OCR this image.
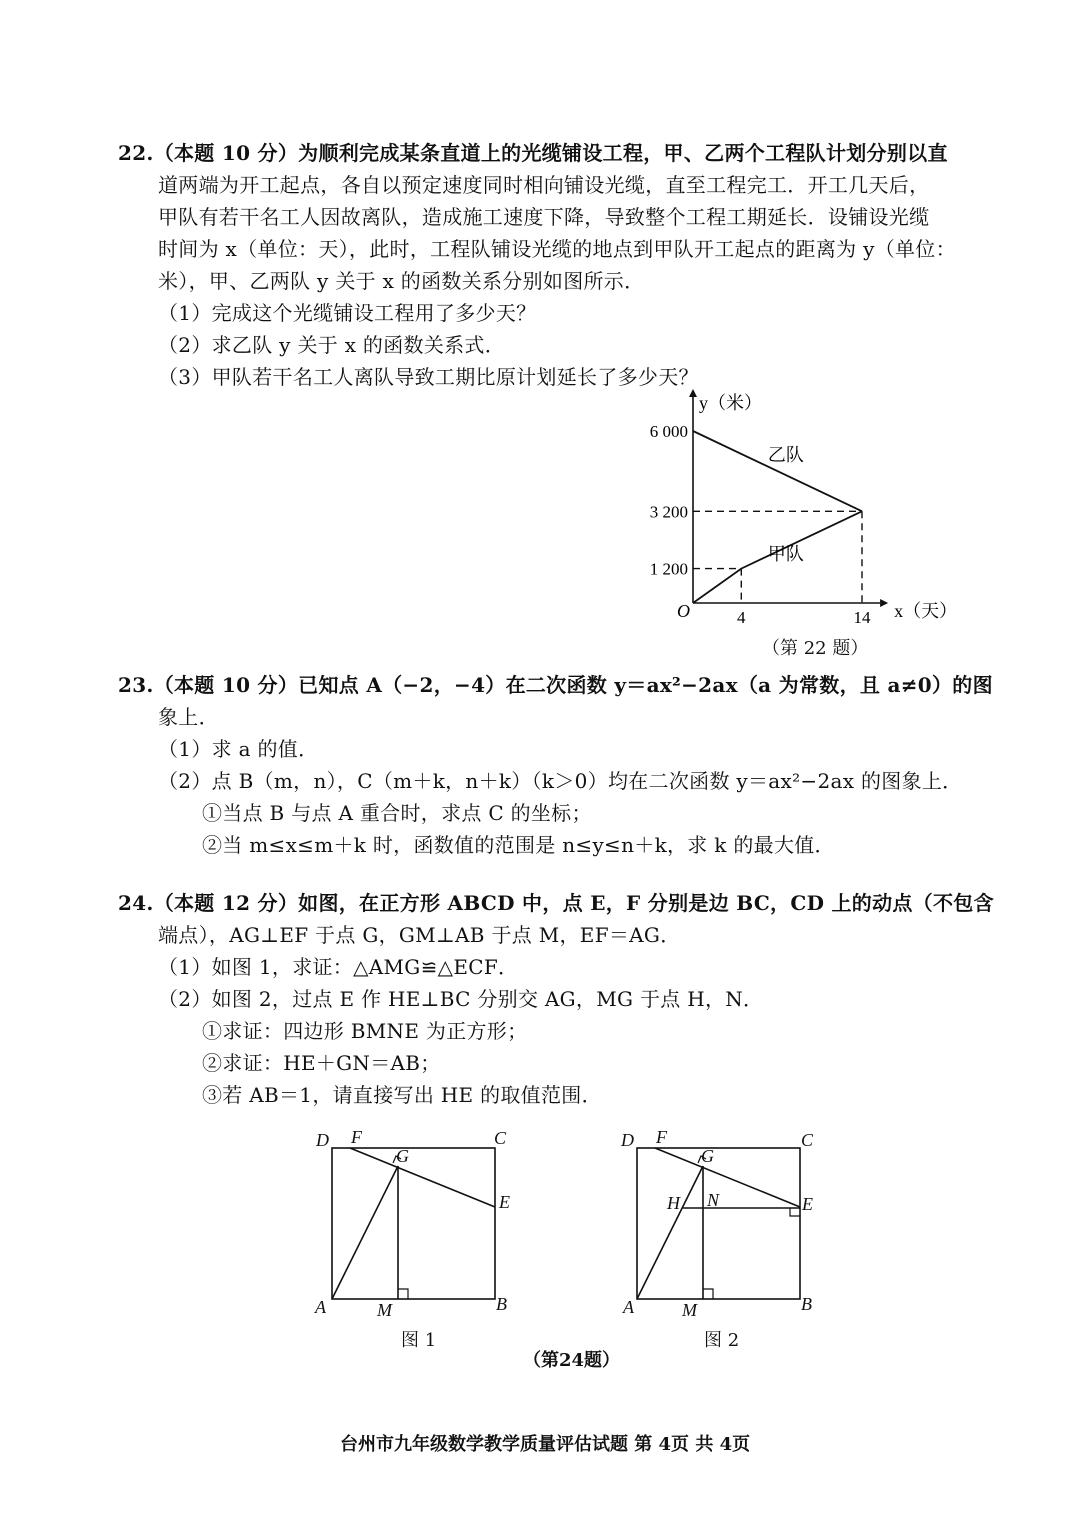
22.（本题 10 分）为顺利完成某条直道上的光缆铺设工程，甲、乙两个工程队计划分别以直
道两端为开工起点，各自以预定速度同时相向铺设光缆，直至工程完工．开工几天后，
甲队有若干名工人因故离队，造成施工速度下降，导致整个工程工期延长．设铺设光缆
时间为 x（单位：天），此时，工程队铺设光缆的地点到甲队开工起点的距离为 y（单位：
米），甲、乙两队 y 关于 x 的函数关系分别如图所示．
（1）完成这个光缆铺设工程用了多少天？
（2）求乙队 y 关于 x 的函数关系式．
（3）甲队若干名工人离队导致工期比原计划延长了多少天？
y（米）
x（天）
O
6 000
3 200
1 200
4	14
乙队
甲队
（第 22 题）
23.（本题 10 分）已知点 A（−2，−4）在二次函数 y＝ax²−2ax（a 为常数，且 a≠0）的图
象上．
（1）求 a 的值．
（2）点 B（m，n），C（m＋k，n＋k）（k＞0）均在二次函数 y＝ax²−2ax 的图象上．
①当点 B 与点 A 重合时，求点 C 的坐标；
②当 m≤x≤m＋k 时，函数值的范围是 n≤y≤n＋k，求 k 的最大值．
24.（本题 12 分）如图，在正方形 ABCD 中，点 E，F 分别是边 BC，CD 上的动点（不包含
端点），AG⊥EF 于点 G，GM⊥AB 于点 M，EF＝AG．
（1）如图 1，求证：△AMG≌△ECF．
（2）如图 2，过点 E 作 HE⊥BC 分别交 AG，MG 于点 H，N．
①求证：四边形 BMNE 为正方形；
②求证：HE＋GN＝AB；
③若 AB＝1，请直接写出 HE 的取值范围．
D F
G
C
E
A	M	B
图 1
D F
G
C
H N	E
A	M	B
图 2
（第24题）
台州市九年级数学教学质量评估试题 第 4页 共 4页
